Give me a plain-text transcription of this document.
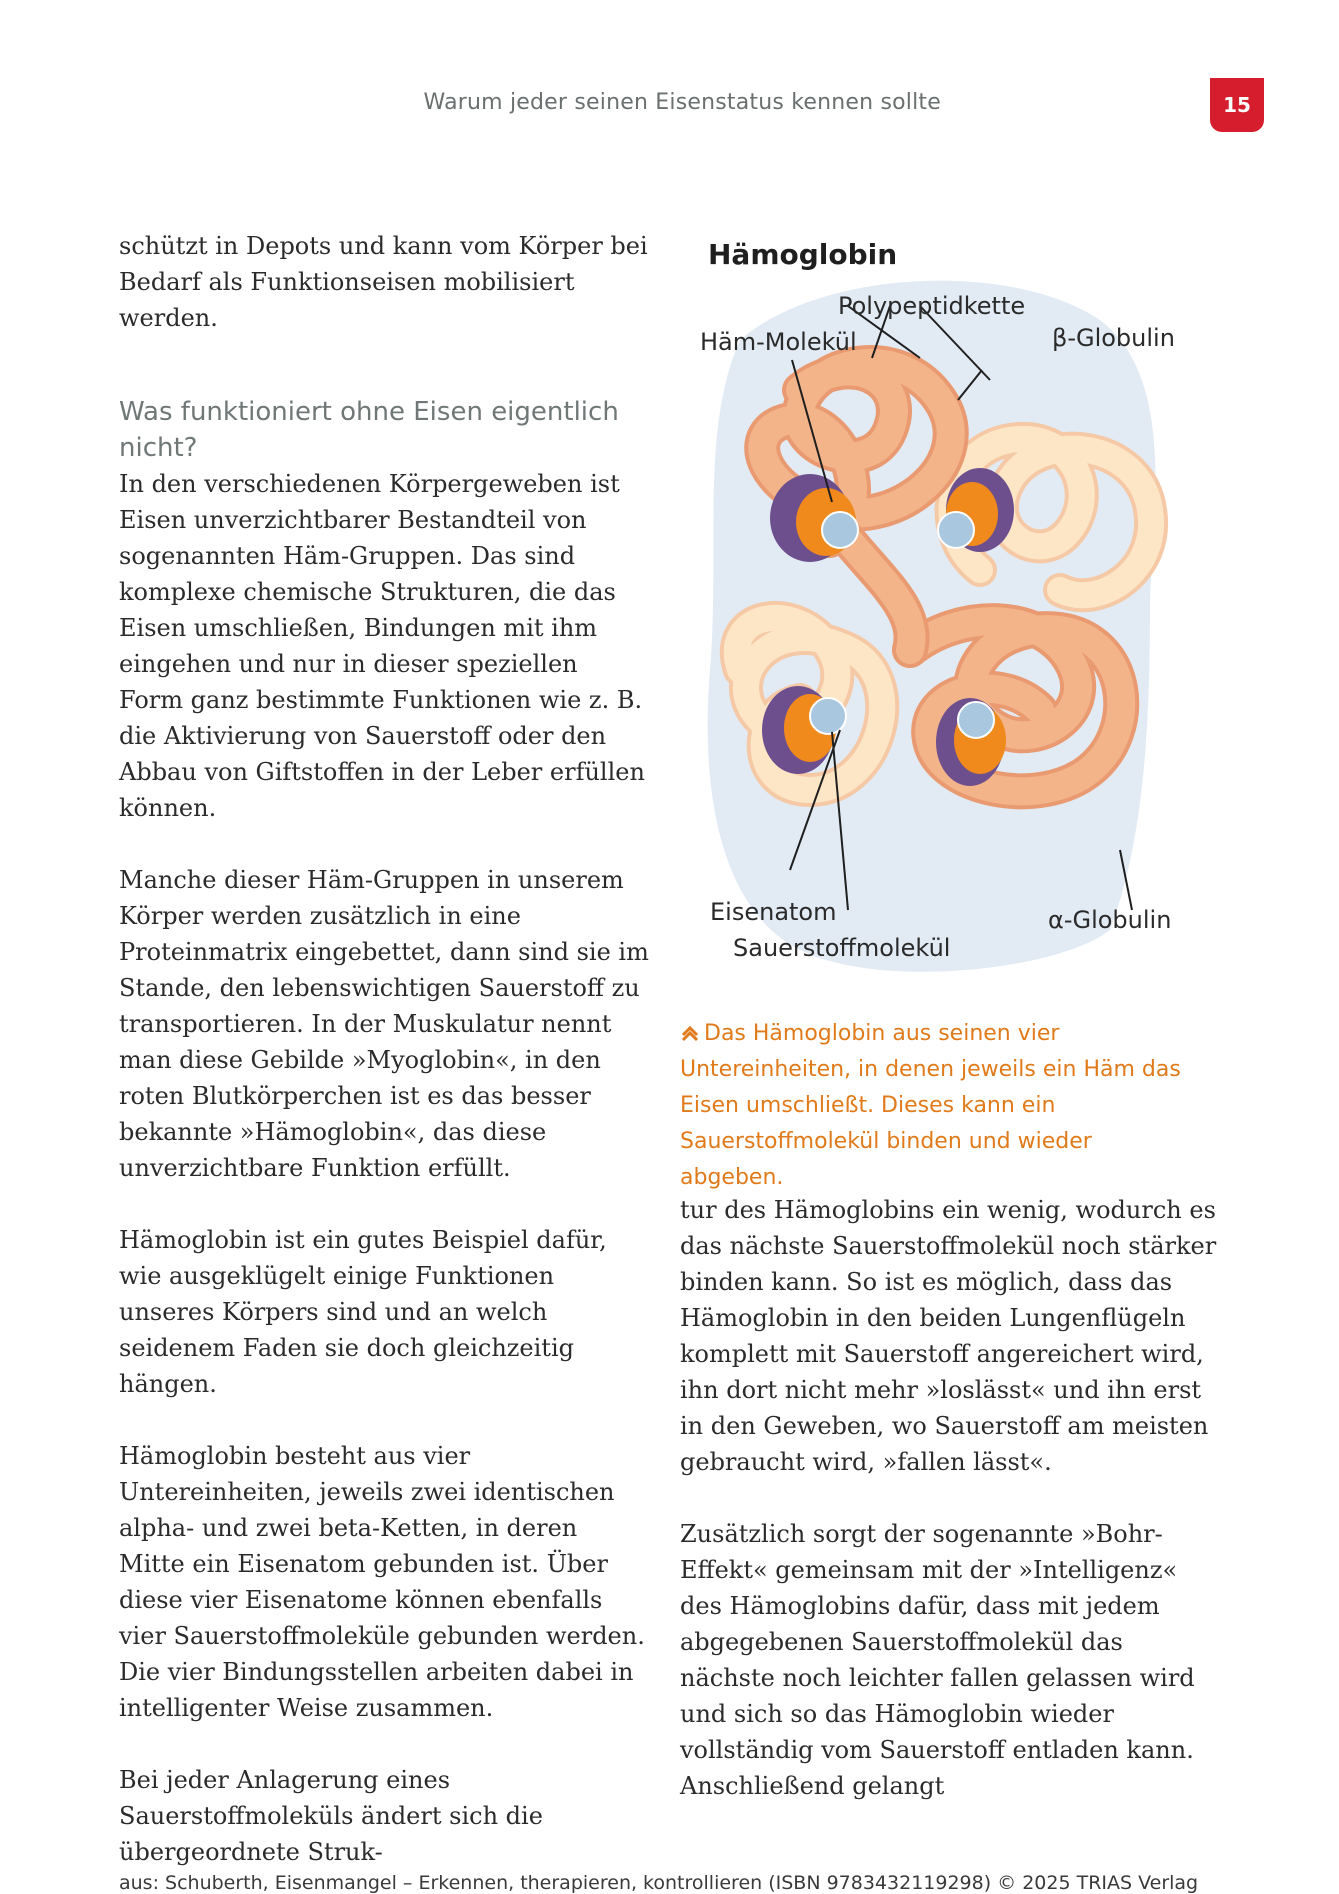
Warum jeder seinen Eisenstatus kennen sollte	15

schützt in Depots und kann vom Körper bei Bedarf als Funktionseisen mobilisiert werden.

Was funktioniert ohne Eisen eigentlich nicht?

In den verschiedenen Körpergeweben ist Eisen unverzichtbarer Bestandteil von sogenannten Häm-Gruppen. Das sind komplexe chemische Strukturen, die das Eisen umschließen, Bindungen mit ihm eingehen und nur in dieser speziellen Form ganz bestimmte Funktionen wie z. B. die Aktivierung von Sauerstoff oder den Abbau von Giftstoffen in der Leber erfüllen können.

Manche dieser Häm-Gruppen in unserem Körper werden zusätzlich in eine Proteinmatrix eingebettet, dann sind sie im Stande, den lebenswichtigen Sauerstoff zu transportieren. In der Muskulatur nennt man diese Gebilde »Myoglobin«, in den roten Blutkörperchen ist es das besser bekannte »Hämoglobin«, das diese unverzichtbare Funktion erfüllt.

Hämoglobin ist ein gutes Beispiel dafür, wie ausgeklügelt einige Funktionen unseres Körpers sind und an welch seidenem Faden sie doch gleichzeitig hängen.

Hämoglobin besteht aus vier Untereinheiten, jeweils zwei identischen alpha- und zwei beta-Ketten, in deren Mitte ein Eisenatom gebunden ist. Über diese vier Eisenatome können ebenfalls vier Sauerstoffmoleküle gebunden werden. Die vier Bindungsstellen arbeiten dabei in intelligenter Weise zusammen.

Bei jeder Anlagerung eines Sauerstoffmoleküls ändert sich die übergeordnete Struk-

Hämoglobin
Polypeptidkette
Häm-Molekül	β-Globulin
Eisenatom
Sauerstoffmolekül
α-Globulin
Das Hämoglobin aus seinen vier Untereinheiten, in denen jeweils ein Häm das Eisen umschließt. Dieses kann ein Sauerstoffmolekül binden und wieder abgeben.

tur des Hämoglobins ein wenig, wodurch es das nächste Sauerstoffmolekül noch stärker binden kann. So ist es möglich, dass das Hämoglobin in den beiden Lungenflügeln komplett mit Sauerstoff angereichert wird, ihn dort nicht mehr »loslässt« und ihn erst in den Geweben, wo Sauerstoff am meisten gebraucht wird, »fallen lässt«.

Zusätzlich sorgt der sogenannte »Bohr-Effekt« gemeinsam mit der »Intelligenz« des Hämoglobins dafür, dass mit jedem abgegebenen Sauerstoffmolekül das nächste noch leichter fallen gelassen wird und sich so das Hämoglobin wieder vollständig vom Sauerstoff entladen kann. Anschließend gelangt

aus: Schuberth, Eisenmangel – Erkennen, therapieren, kontrollieren (ISBN 9783432119298) © 2025 TRIAS Verlag
